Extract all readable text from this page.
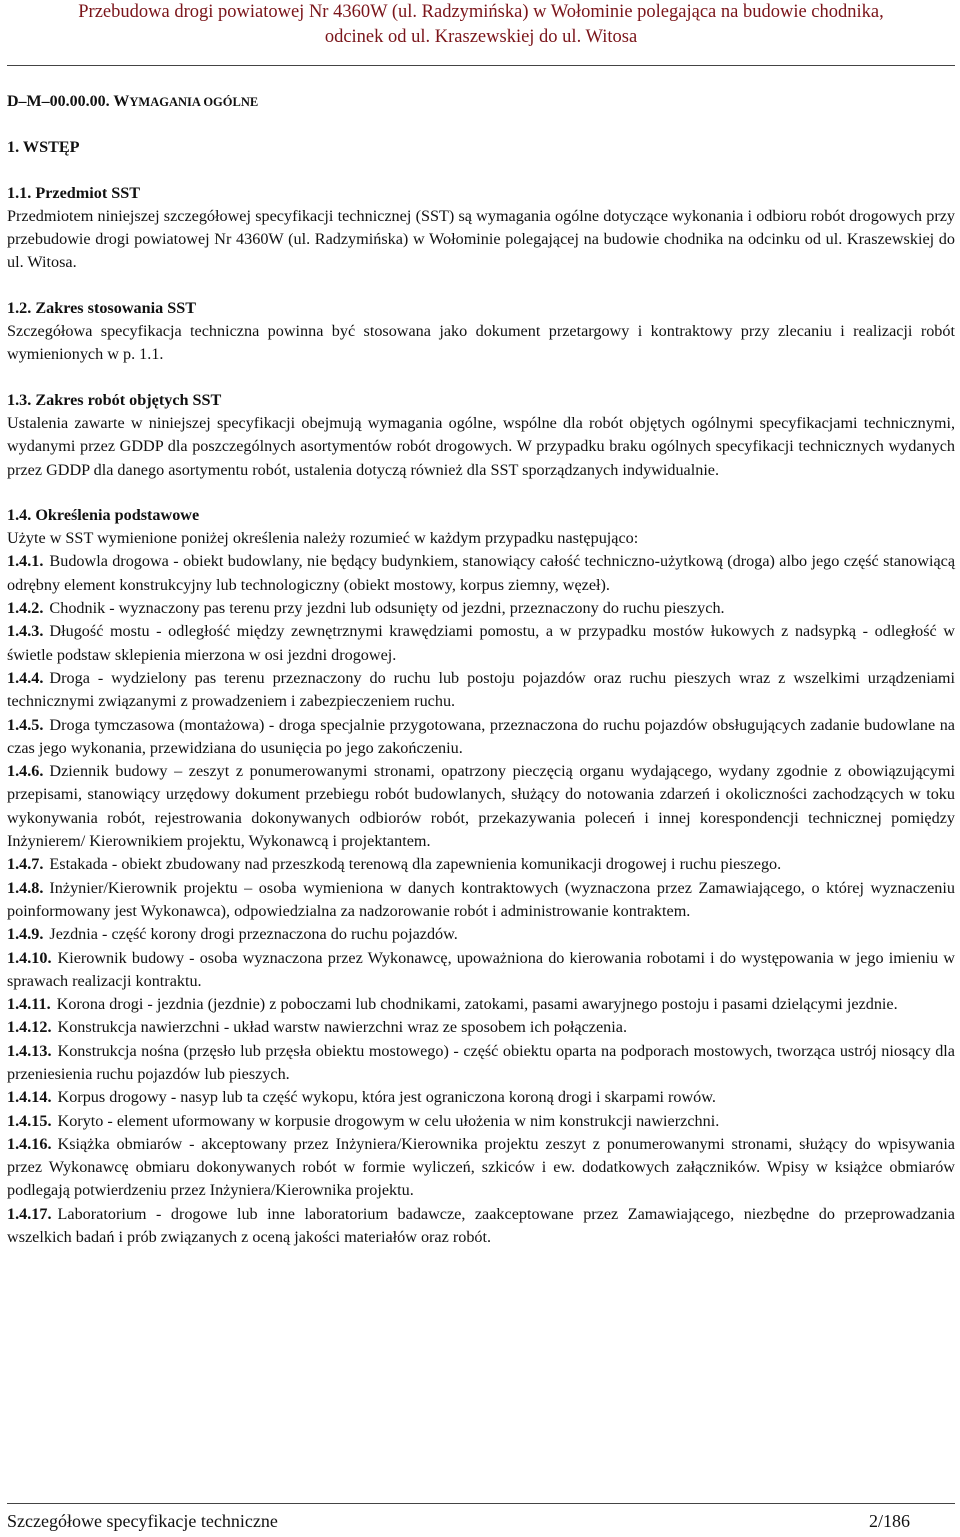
Przebudowa drogi powiatowej Nr 4360W (ul. Radzymińska) w Wołominie polegająca na budowie chodnika,
odcinek od ul. Kraszewskiej do ul. Witosa
D–M–00.00.00. WYMAGANIA OGÓLNE
1. WSTĘP
1.1. Przedmiot SST

Przedmiotem niniejszej szczegółowej specyfikacji technicznej (SST) są wymagania ogólne dotyczące wykonania i odbioru robót drogowych przy przebudowie drogi powiatowej Nr 4360W (ul. Radzymińska) w Wołominie polegającej na budowie chodnika na odcinku od ul. Kraszewskiej do ul. Witosa.

1.2. Zakres stosowania SST

Szczegółowa specyfikacja techniczna powinna być stosowana jako dokument przetargowy i kontraktowy przy zlecaniu i realizacji robót wymienionych w p. 1.1.

1.3. Zakres robót objętych SST

Ustalenia zawarte w niniejszej specyfikacji obejmują wymagania ogólne, wspólne dla robót objętych ogólnymi specyfikacjami technicznymi, wydanymi przez GDDP dla poszczególnych asortymentów robót drogowych. W przypadku braku ogólnych specyfikacji technicznych wydanych przez GDDP dla danego asortymentu robót, ustalenia dotyczą również dla SST sporządzanych indywidualnie.

1.4. Określenia podstawowe

Użyte w SST wymienione poniżej określenia należy rozumieć w każdym przypadku następująco:

1.4.1. Budowla drogowa - obiekt budowlany, nie będący budynkiem, stanowiący całość techniczno-użytkową (droga) albo jego część stanowiącą odrębny element konstrukcyjny lub technologiczny (obiekt mostowy, korpus ziemny, węzeł).

1.4.2. Chodnik - wyznaczony pas terenu przy jezdni lub odsunięty od jezdni, przeznaczony do ruchu pieszych.

1.4.3. Długość mostu - odległość między zewnętrznymi krawędziami pomostu, a w przypadku mostów łukowych z nadsypką - odległość w świetle podstaw sklepienia mierzona w osi jezdni drogowej.

1.4.4. Droga - wydzielony pas terenu przeznaczony do ruchu lub postoju pojazdów oraz ruchu pieszych wraz z wszelkimi urządzeniami technicznymi związanymi z prowadzeniem i zabezpieczeniem ruchu.

1.4.5. Droga tymczasowa (montażowa) - droga specjalnie przygotowana, przeznaczona do ruchu pojazdów obsługujących zadanie budowlane na czas jego wykonania, przewidziana do usunięcia po jego zakończeniu.

1.4.6. Dziennik budowy – zeszyt z ponumerowanymi stronami, opatrzony pieczęcią organu wydającego, wydany zgodnie z obowiązującymi przepisami, stanowiący urzędowy dokument przebiegu robót budowlanych, służący do notowania zdarzeń i okoliczności zachodzących w toku wykonywania robót, rejestrowania dokonywanych odbiorów robót, przekazywania poleceń i innej korespondencji technicznej pomiędzy Inżynierem/ Kierownikiem projektu, Wykonawcą i projektantem.

1.4.7. Estakada - obiekt zbudowany nad przeszkodą terenową dla zapewnienia komunikacji drogowej i ruchu pieszego.

1.4.8. Inżynier/Kierownik projektu – osoba wymieniona w danych kontraktowych (wyznaczona przez Zamawiającego, o której wyznaczeniu poinformowany jest Wykonawca), odpowiedzialna za nadzorowanie robót i administrowanie kontraktem.

1.4.9. Jezdnia - część korony drogi przeznaczona do ruchu pojazdów.

1.4.10. Kierownik budowy - osoba wyznaczona przez Wykonawcę, upoważniona do kierowania robotami i do występowania w jego imieniu w sprawach realizacji kontraktu.

1.4.11. Korona drogi - jezdnia (jezdnie) z poboczami lub chodnikami, zatokami, pasami awaryjnego postoju i pasami dzielącymi jezdnie.

1.4.12. Konstrukcja nawierzchni - układ warstw nawierzchni wraz ze sposobem ich połączenia.

1.4.13. Konstrukcja nośna (przęsło lub przęsła obiektu mostowego) - część obiektu oparta na podporach mostowych, tworząca ustrój niosący dla przeniesienia ruchu pojazdów lub pieszych.

1.4.14. Korpus drogowy - nasyp lub ta część wykopu, która jest ograniczona koroną drogi i skarpami rowów.

1.4.15. Koryto - element uformowany w korpusie drogowym w celu ułożenia w nim konstrukcji nawierzchni.

1.4.16. Książka obmiarów - akceptowany przez Inżyniera/Kierownika projektu zeszyt z ponumerowanymi stronami, służący do wpisywania przez Wykonawcę obmiaru dokonywanych robót w formie wyliczeń, szkiców i ew. dodatkowych załączników. Wpisy w książce obmiarów podlegają potwierdzeniu przez Inżyniera/Kierownika projektu.

1.4.17. Laboratorium - drogowe lub inne laboratorium badawcze, zaakceptowane przez Zamawiającego, niezbędne do przeprowadzania wszelkich badań i prób związanych z oceną jakości materiałów oraz robót.

Szczegółowe specyfikacje techniczne	2/186
